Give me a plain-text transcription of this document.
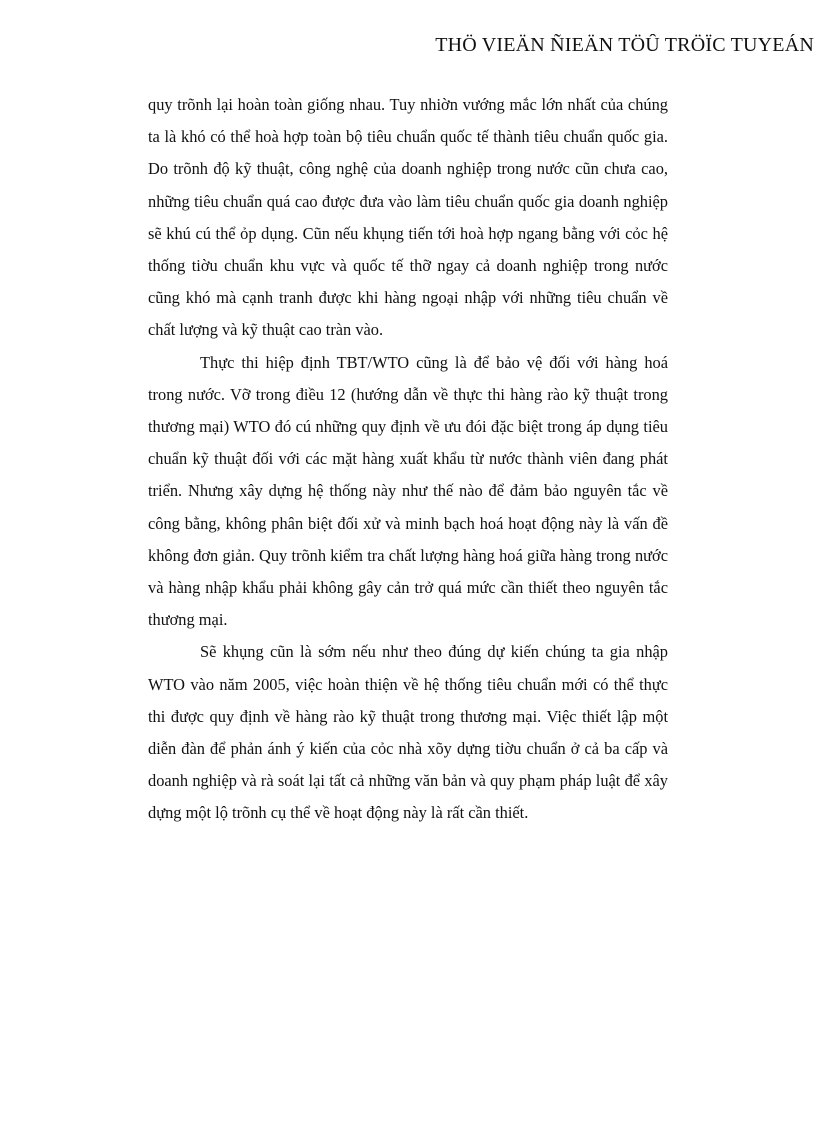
THÖ VIEÄN ÑIEÄN TÖÛ TRÖÏC TUYEÁN

quy trõnh lại hoàn toàn giống nhau. Tuy nhiờn vướng mắc lớn nhất của chúng ta là khó có thể hoà hợp toàn bộ tiêu chuẩn quốc tế thành tiêu chuẩn quốc gia. Do trõnh độ kỹ thuật, công nghệ của doanh nghiệp trong nước cũn chưa cao, những tiêu chuẩn quá cao được đưa vào làm tiêu chuẩn quốc gia doanh nghiệp sẽ khú cú thể ỏp dụng. Cũn nếu khụng tiến tới hoà hợp ngang bằng với cỏc hệ thống tiờu chuẩn khu vực và quốc tế thỡ ngay cả doanh nghiệp trong nước cũng khó mà cạnh tranh được khi hàng ngoại nhập với những tiêu chuẩn về chất lượng và kỹ thuật cao tràn vào.

Thực thi hiệp định TBT/WTO cũng là để bảo vệ đối với hàng hoá trong nước. Vỡ trong điều 12 (hướng dẫn về thực thi hàng rào kỹ thuật trong thương mại) WTO đó cú những quy định về ưu đói đặc biệt trong áp dụng tiêu chuẩn kỹ thuật đối với các mặt hàng xuất khẩu từ nước thành viên đang phát triển. Nhưng xây dựng hệ thống này như thế nào để đảm bảo nguyên tắc về công bằng, không phân biệt đối xử và minh bạch hoá hoạt động này là vấn đề không đơn giản. Quy trõnh kiểm tra chất lượng hàng hoá giữa hàng trong nước và hàng nhập khẩu phải không gây cản trở quá mức cần thiết theo nguyên tắc thương mại.

Sẽ khụng cũn là sớm nếu như theo đúng dự kiến chúng ta gia nhập WTO vào năm 2005, việc hoàn thiện về hệ thống tiêu chuẩn mới có thể thực thi được quy định về hàng rào kỹ thuật trong thương mại. Việc thiết lập một diễn đàn để phản ánh ý kiến của cỏc nhà xõy dựng tiờu chuẩn ở cả ba cấp và doanh nghiệp và rà soát lại tất cả những văn bản và quy phạm pháp luật để xây dựng một lộ trõnh cụ thể về hoạt động này là rất cần thiết.
